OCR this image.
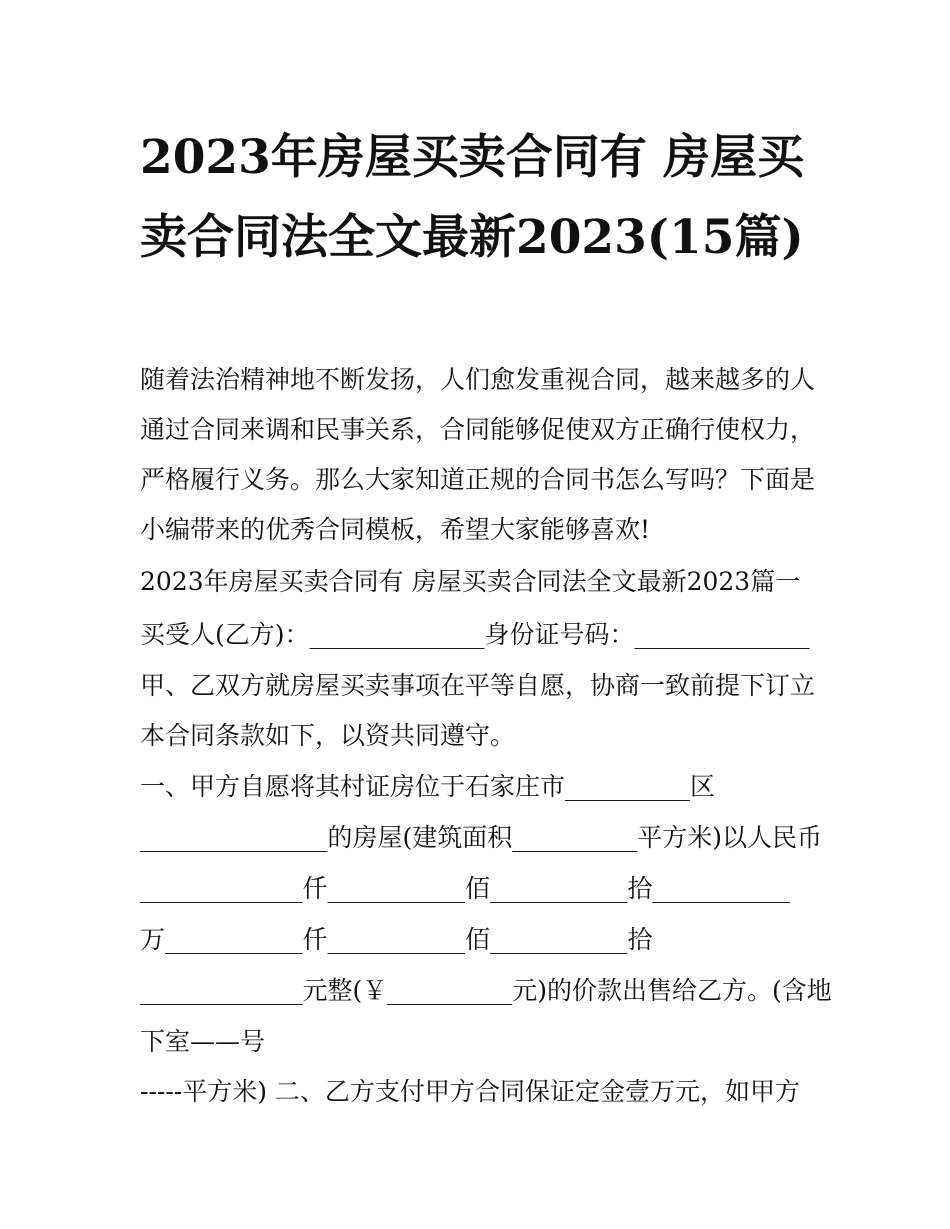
2023年房屋买卖合同有 房屋买卖合同法全文最新2023(15篇)

随着法治精神地不断发扬，人们愈发重视合同，越来越多的人

通过合同来调和民事关系，合同能够促使双方正确行使权力，

严格履行义务。那么大家知道正规的合同书怎么写吗？下面是

小编带来的优秀合同模板，希望大家能够喜欢!

2023年房屋买卖合同有 房屋买卖合同法全文最新2023篇一

买受人(乙方)：______________身份证号码：______________

甲、乙双方就房屋买卖事项在平等自愿，协商一致前提下订立

本合同条款如下，以资共同遵守。

一、甲方自愿将其村证房位于石家庄市__________区

_______________的房屋(建筑面积__________平方米)以人民币

_____________仟___________佰___________拾___________

万___________仟___________佰___________拾

_____________元整(￥__________元)的价款出售给乙方。(含地

下室——号

-----平方米) 二、乙方支付甲方合同保证定金壹万元，如甲方
